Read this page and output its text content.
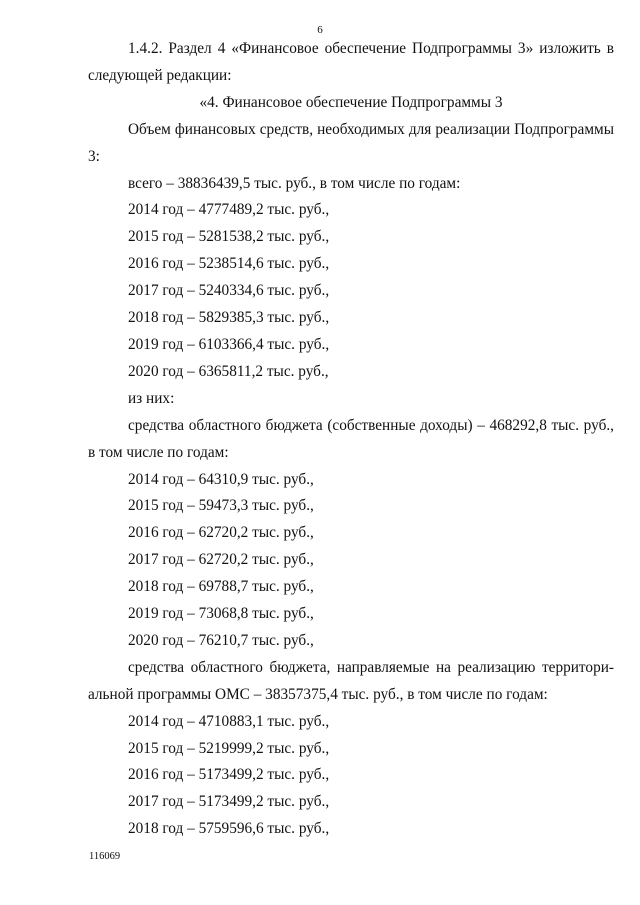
6

1.4.2. Раздел 4 «Финансовое обеспечение Подпрограммы 3» изложить в

следующей редакции:

«4. Финансовое обеспечение Подпрограммы 3

Объем финансовых средств, необходимых для реализации Подпрограммы

3:

всего – 38836439,5 тыс. руб., в том числе по годам:

2014 год – 4777489,2 тыс. руб.,

2015 год – 5281538,2 тыс. руб.,

2016 год – 5238514,6 тыс. руб.,

2017 год – 5240334,6 тыс. руб.,

2018 год – 5829385,3 тыс. руб.,

2019 год – 6103366,4 тыс. руб.,

2020 год – 6365811,2 тыс. руб.,

из них:

средства областного бюджета (собственные доходы) – 468292,8 тыс. руб.,

в том числе по годам:

2014 год – 64310,9 тыс. руб.,

2015 год – 59473,3 тыс. руб.,

2016 год – 62720,2 тыс. руб.,

2017 год – 62720,2 тыс. руб.,

2018 год – 69788,7 тыс. руб.,

2019 год – 73068,8 тыс. руб.,

2020 год – 76210,7 тыс. руб.,

средства областного бюджета, направляемые на реализацию территори-

альной программы ОМС – 38357375,4 тыс. руб., в том числе по годам:

2014 год – 4710883,1 тыс. руб.,

2015 год – 5219999,2 тыс. руб.,

2016 год – 5173499,2 тыс. руб.,

2017 год – 5173499,2 тыс. руб.,

2018 год – 5759596,6 тыс. руб.,

116069
